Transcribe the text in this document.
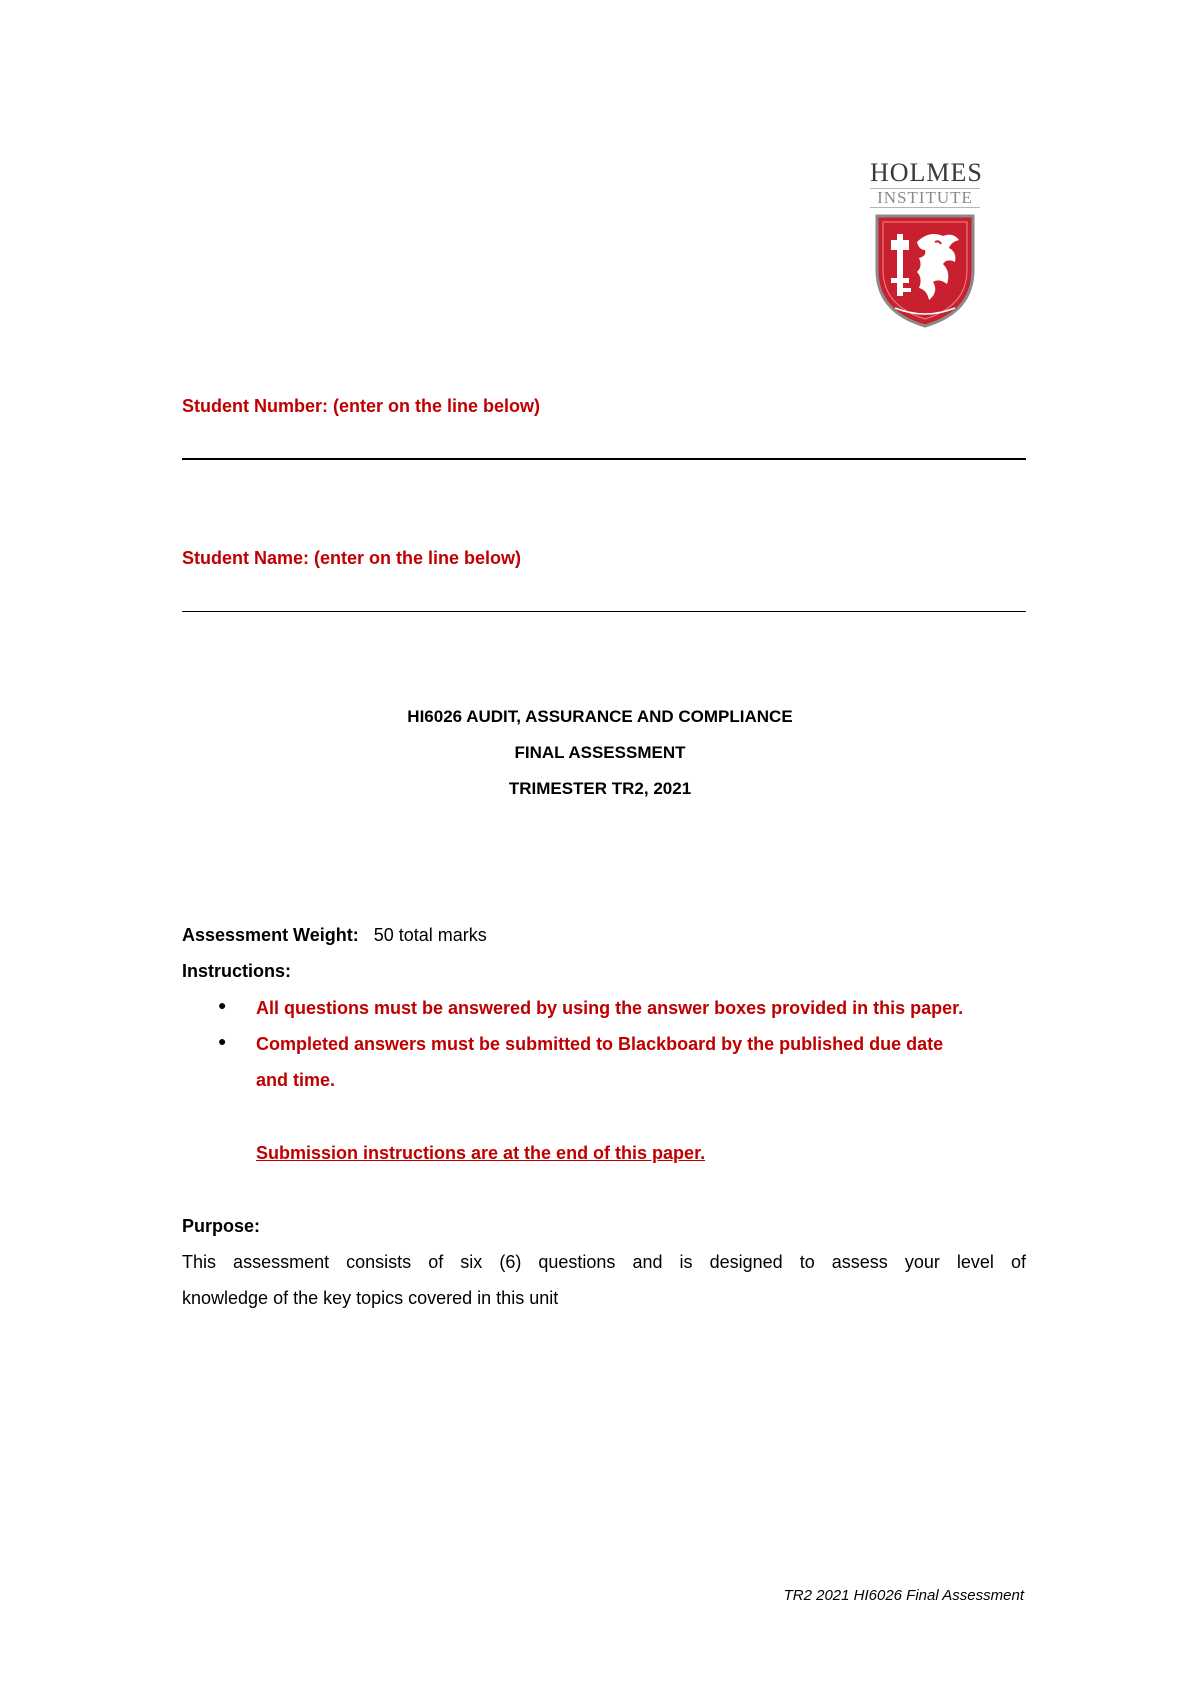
HOLMES
INSTITUTE
Student Number: (enter on the line below)
Student Name: (enter on the line below)
HI6026 AUDIT, ASSURANCE AND COMPLIANCE
FINAL ASSESSMENT
TRIMESTER TR2, 2021
Assessment Weight: 50 total marks
Instructions:
● All questions must be answered by using the answer boxes provided in this paper.
● Completed answers must be submitted to Blackboard by the published due date
and time.
Submission instructions are at the end of this paper.
Purpose:
This assessment consists of six (6) questions and is designed to assess your level of
knowledge of the key topics covered in this unit
TR2 2021 HI6026 Final Assessment
